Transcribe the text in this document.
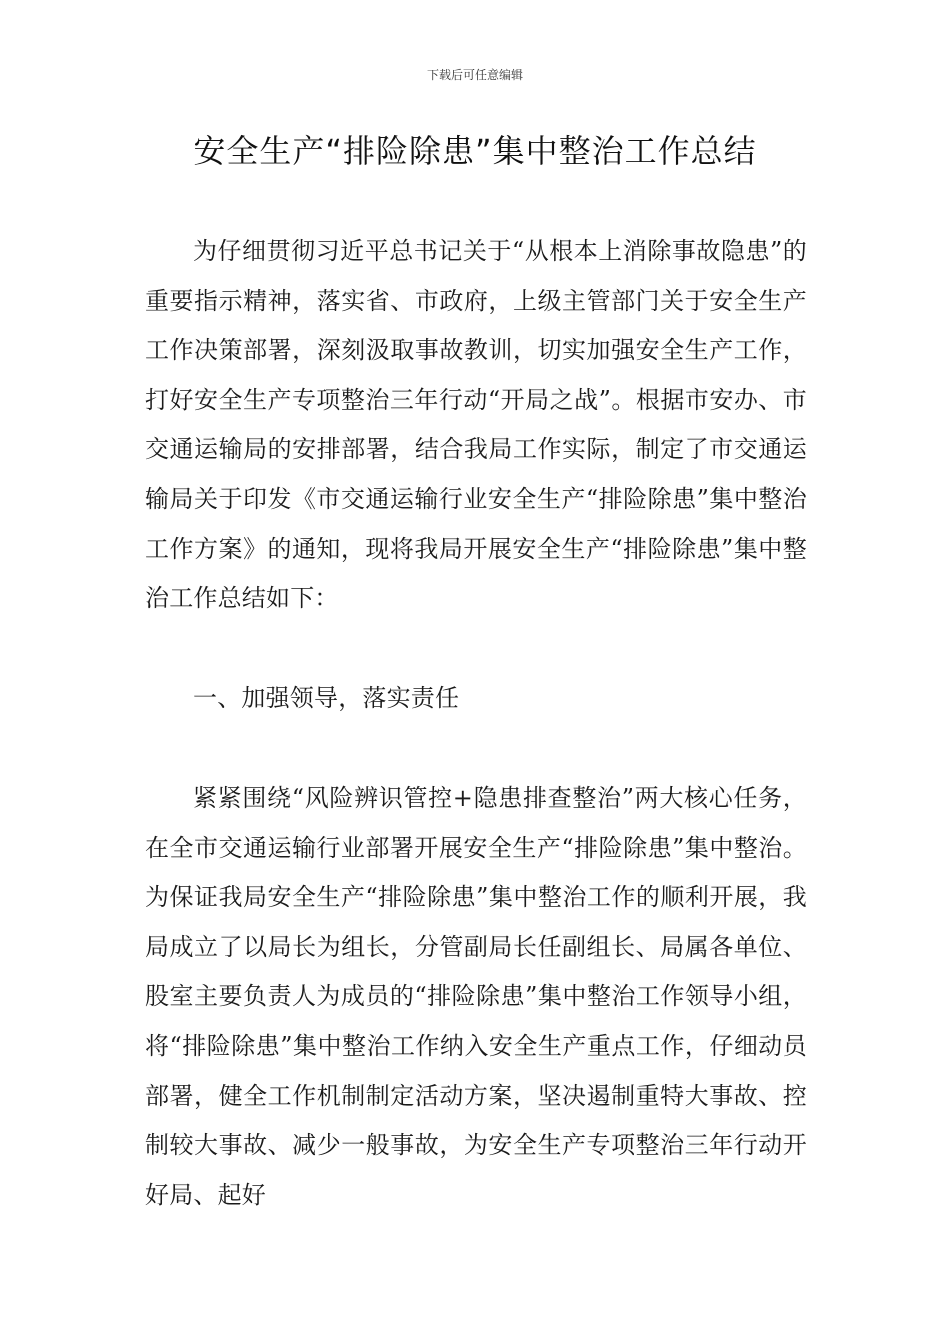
下载后可任意编辑
安全生产“排险除患”集中整治工作总结

为仔细贯彻习近平总书记关于“从根本上消除事故隐患”的重要指示精神，落实省、市政府，上级主管部门关于安全生产工作决策部署，深刻汲取事故教训，切实加强安全生产工作，打好安全生产专项整治三年行动“开局之战”。根据市安办、市交通运输局的安排部署，结合我局工作实际，制定了市交通运输局关于印发《市交通运输行业安全生产“排险除患”集中整治工作方案》的通知，现将我局开展安全生产“排险除患”集中整治工作总结如下：

一、加强领导，落实责任

紧紧围绕“风险辨识管控+隐患排查整治”两大核心任务，在全市交通运输行业部署开展安全生产“排险除患”集中整治。为保证我局安全生产“排险除患”集中整治工作的顺利开展，我局成立了以局长为组长，分管副局长任副组长、局属各单位、股室主要负责人为成员的“排险除患”集中整治工作领导小组，将“排险除患”集中整治工作纳入安全生产重点工作，仔细动员部署，健全工作机制制定活动方案，坚决遏制重特大事故、控制较大事故、减少一般事故，为安全生产专项整治三年行动开好局、起好
